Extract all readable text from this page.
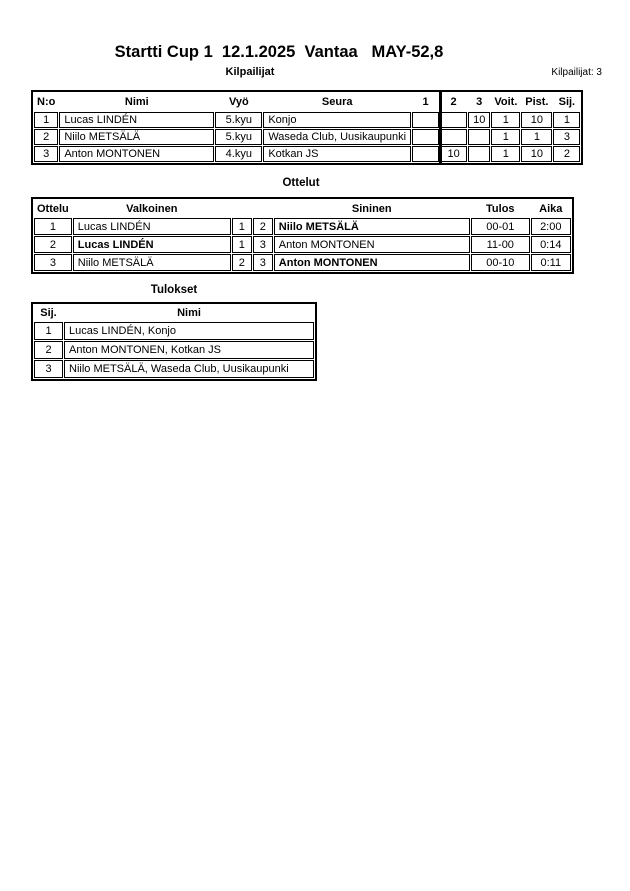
Startti Cup 1  12.1.2025  Vantaa   MAY-52,8
Kilpailijat	Kilpailijat: 3
N:o	Nimi	Vyö	Seura	1	2	3	Voit.	Pist.	Sij.
1	Lucas LINDÉN	5.kyu	Konjo			10	1	10	1
2	Niilo METSÄLÄ	5.kyu	Waseda Club, Uusikaupunki				1	1	3
3	Anton MONTONEN	4.kyu	Kotkan JS		10		1	10	2
Ottelut
Ottelu	Valkoinen			Sininen	Tulos	Aika
1	Lucas LINDÉN	1	2	Niilo METSÄLÄ	00-01	2:00
2	Lucas LINDÉN	1	3	Anton MONTONEN	11-00	0:14
3	Niilo METSÄLÄ	2	3	Anton MONTONEN	00-10	0:11
Tulokset
Sij.	Nimi
1	Lucas LINDÉN, Konjo
2	Anton MONTONEN, Kotkan JS
3	Niilo METSÄLÄ, Waseda Club, Uusikaupunki
